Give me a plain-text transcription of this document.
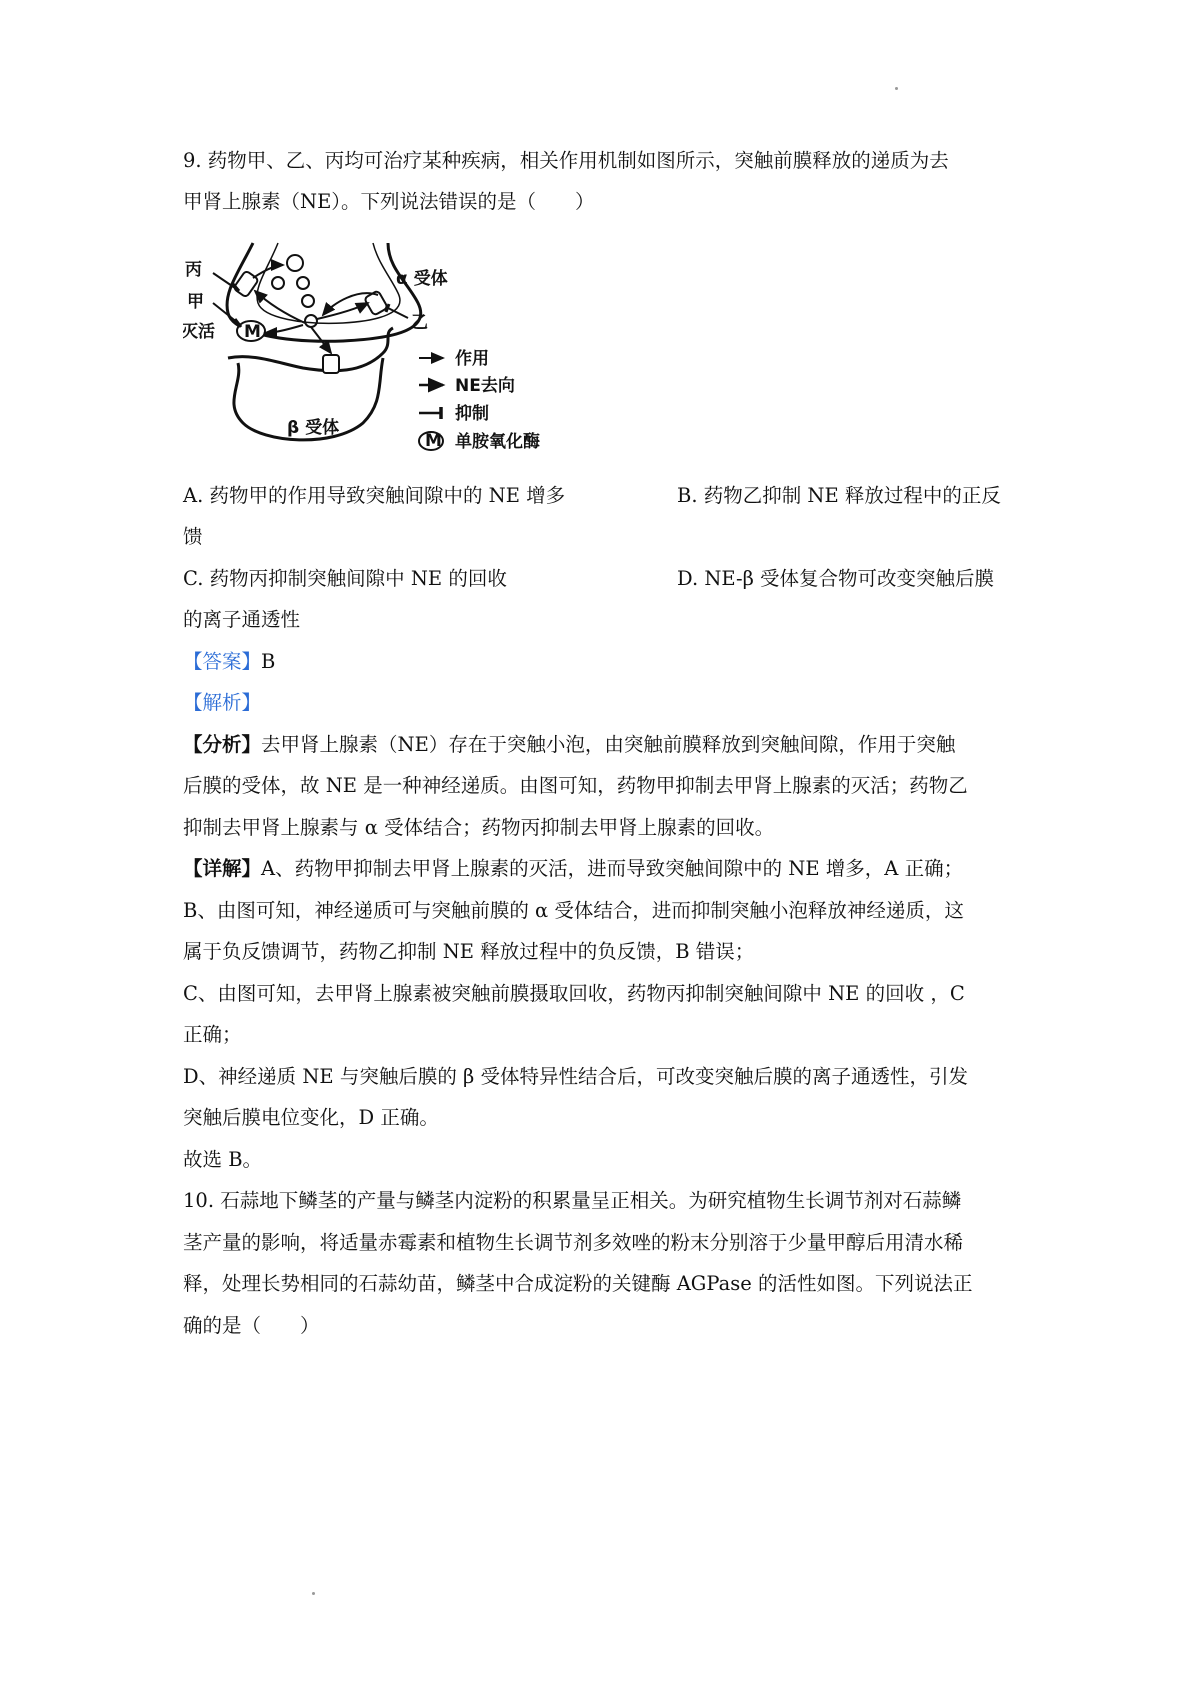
9. 药物甲、乙、丙均可治疗某种疾病，相关作用机制如图所示，突触前膜释放的递质为去
甲肾上腺素（NE）。下列说法错误的是（　　）
M
丙
甲
灭活
α 受体
乙
β 受体
作用
NE去向
抑制
M 单胺氧化酶
A. 药物甲的作用导致突触间隙中的 NE 增多	B. 药物乙抑制 NE 释放过程中的正反
馈
C. 药物丙抑制突触间隙中 NE 的回收	D. NE-β 受体复合物可改变突触后膜
的离子通透性
【答案】B
【解析】
【分析】去甲肾上腺素（NE）存在于突触小泡，由突触前膜释放到突触间隙，作用于突触
后膜的受体，故 NE 是一种神经递质。由图可知，药物甲抑制去甲肾上腺素的灭活；药物乙
抑制去甲肾上腺素与 α 受体结合；药物丙抑制去甲肾上腺素的回收。
【详解】A、药物甲抑制去甲肾上腺素的灭活，进而导致突触间隙中的 NE 增多，A 正确；
B、由图可知，神经递质可与突触前膜的 α 受体结合，进而抑制突触小泡释放神经递质，这
属于负反馈调节，药物乙抑制 NE 释放过程中的负反馈，B 错误；
C、由图可知，去甲肾上腺素被突触前膜摄取回收，药物丙抑制突触间隙中 NE 的回收 ，C
正确；
D、神经递质 NE 与突触后膜的 β 受体特异性结合后，可改变突触后膜的离子通透性，引发
突触后膜电位变化，D 正确。
故选 B。
10. 石蒜地下鳞茎的产量与鳞茎内淀粉的积累量呈正相关。为研究植物生长调节剂对石蒜鳞
茎产量的影响，将适量赤霉素和植物生长调节剂多效唑的粉末分别溶于少量甲醇后用清水稀
释，处理长势相同的石蒜幼苗，鳞茎中合成淀粉的关键酶 AGPase 的活性如图。下列说法正
确的是（　　）
